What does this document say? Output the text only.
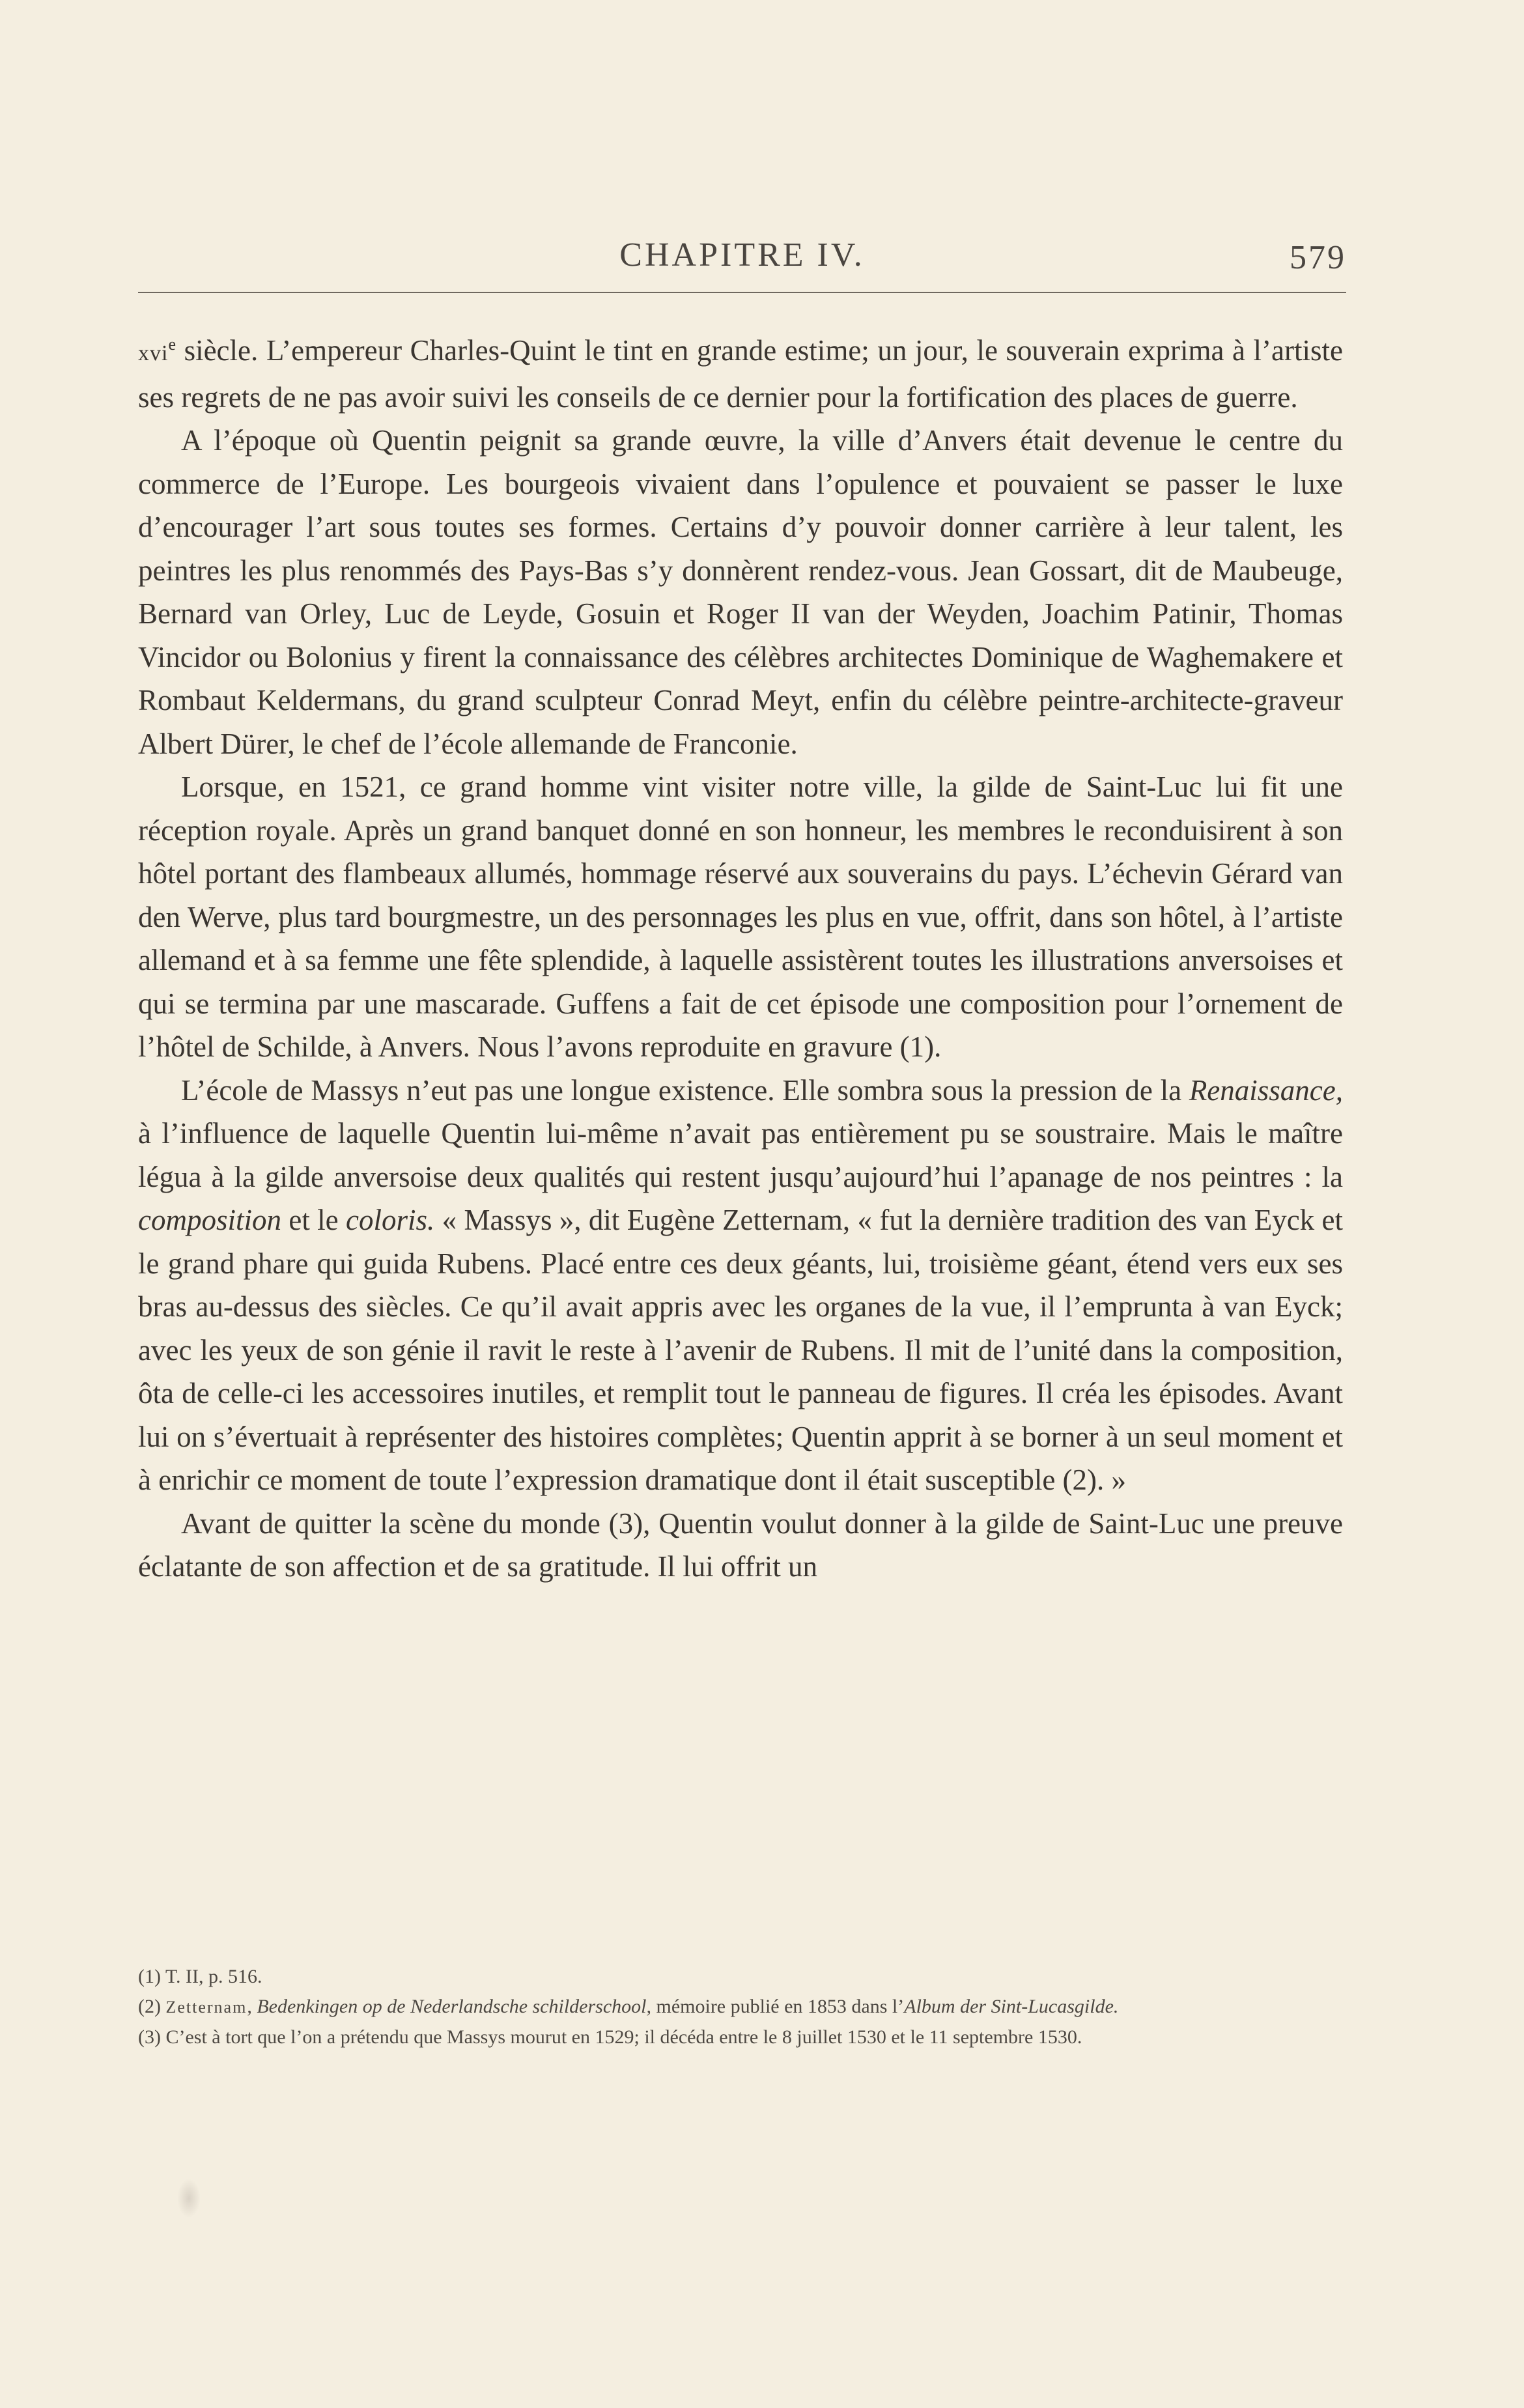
CHAPITRE IV.	579

xvi$^e$ siècle. L’empereur Charles-Quint le tint en grande estime; un jour, le souverain exprima à l’artiste ses regrets de ne pas avoir suivi les conseils de ce dernier pour la fortification des places de guerre.

A l’époque où Quentin peignit sa grande œuvre, la ville d’Anvers était devenue le centre du commerce de l’Europe. Les bourgeois vivaient dans l’opulence et pouvaient se passer le luxe d’encourager l’art sous toutes ses formes. Certains d’y pouvoir donner carrière à leur talent, les peintres les plus renommés des Pays-Bas s’y donnèrent rendez-vous. Jean Gossart, dit de Maubeuge, Bernard van Orley, Luc de Leyde, Gosuin et Roger II van der Weyden, Joachim Patinir, Thomas Vincidor ou Bolonius y firent la connaissance des célèbres architectes Dominique de Waghemakere et Rombaut Keldermans, du grand sculpteur Conrad Meyt, enfin du célèbre peintre-architecte-graveur Albert Dürer, le chef de l’école allemande de Franconie.

Lorsque, en 1521, ce grand homme vint visiter notre ville, la gilde de Saint-Luc lui fit une réception royale. Après un grand banquet donné en son honneur, les membres le reconduisirent à son hôtel portant des flambeaux allumés, hommage réservé aux souverains du pays. L’échevin Gérard van den Werve, plus tard bourgmestre, un des personnages les plus en vue, offrit, dans son hôtel, à l’artiste allemand et à sa femme une fête splendide, à laquelle assistèrent toutes les illustrations anversoises et qui se termina par une mascarade. Guffens a fait de cet épisode une composition pour l’ornement de l’hôtel de Schilde, à Anvers. Nous l’avons reproduite en gravure (1).

L’école de Massys n’eut pas une longue existence. Elle sombra sous la pression de la Renaissance, à l’influence de laquelle Quentin lui-même n’avait pas entièrement pu se soustraire. Mais le maître légua à la gilde anversoise deux qualités qui restent jusqu’aujourd’hui l’apanage de nos peintres : la composition et le coloris. « Massys », dit Eugène Zetternam, « fut la dernière tradition des van Eyck et le grand phare qui guida Rubens. Placé entre ces deux géants, lui, troisième géant, étend vers eux ses bras au-dessus des siècles. Ce qu’il avait appris avec les organes de la vue, il l’emprunta à van Eyck; avec les yeux de son génie il ravit le reste à l’avenir de Rubens. Il mit de l’unité dans la composition, ôta de celle-ci les accessoires inutiles, et remplit tout le panneau de figures. Il créa les épisodes. Avant lui on s’évertuait à représenter des histoires complètes; Quentin apprit à se borner à un seul moment et à enrichir ce moment de toute l’expression dramatique dont il était susceptible (2). »

Avant de quitter la scène du monde (3), Quentin voulut donner à la gilde de Saint-Luc une preuve éclatante de son affection et de sa gratitude. Il lui offrit un

(1) T. II, p. 516.

(2) Zetternam, Bedenkingen op de Nederlandsche schilderschool, mémoire publié en 1853 dans l’Album der Sint-Lucasgilde.

(3) C’est à tort que l’on a prétendu que Massys mourut en 1529; il décéda entre le 8 juillet 1530 et le 11 septembre 1530.
